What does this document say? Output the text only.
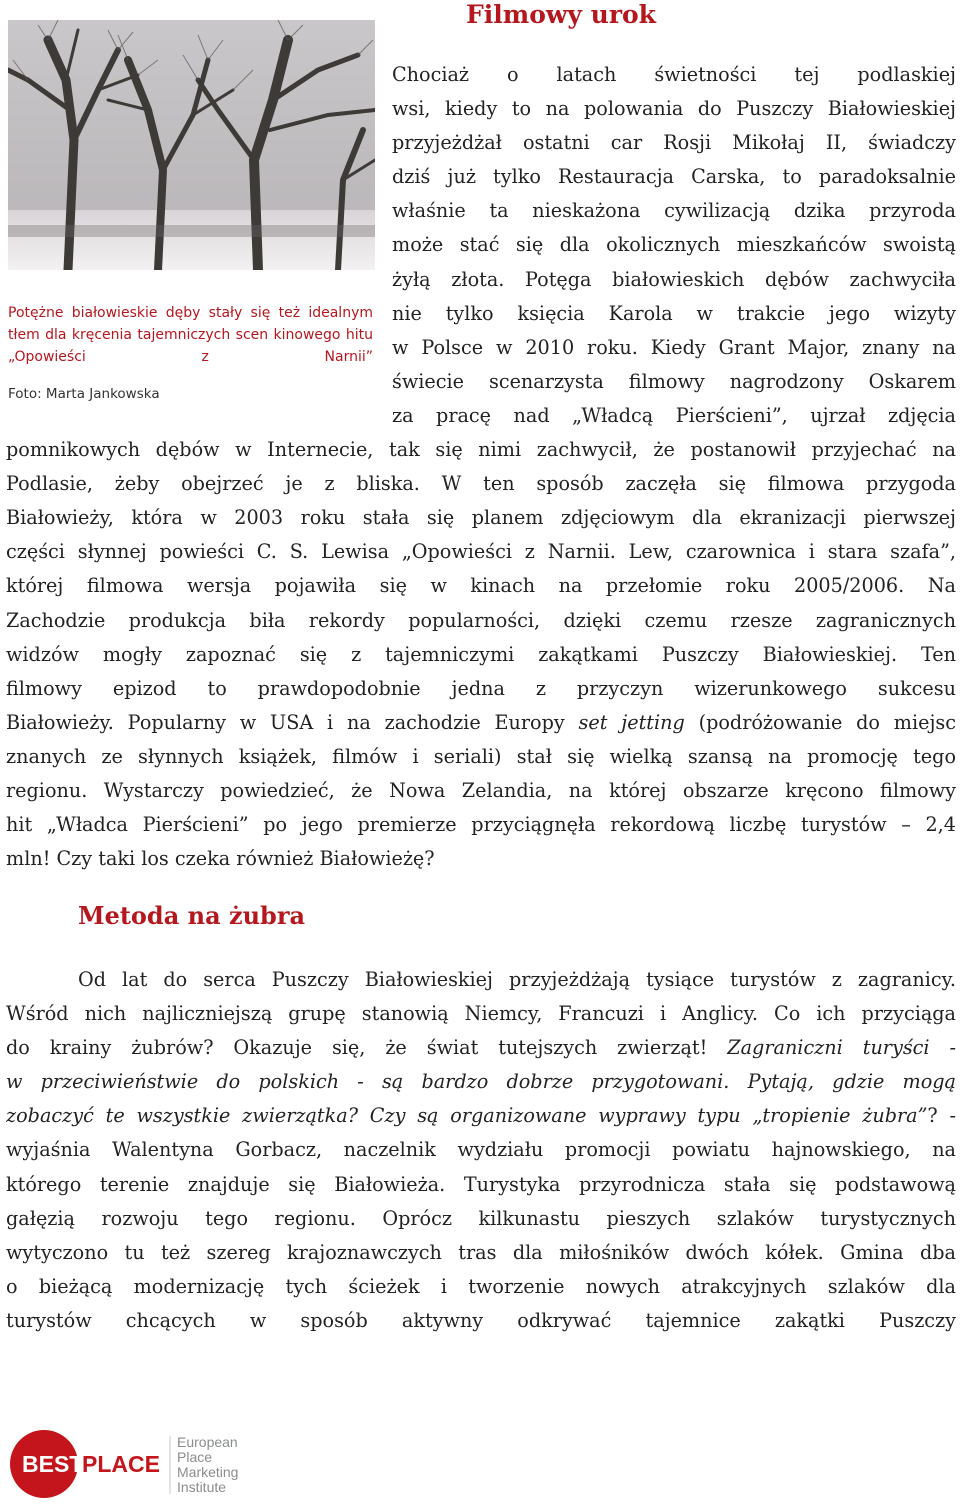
Filmowy urok
Potężne białowieskie dęby stały się też idealnym tłem dla kręcenia tajemniczych scen kinowego hitu „Opowieści z Narnii”
Foto: Marta Jankowska
Chociaż o latach świetności tej podlaskiej
wsi, kiedy to na polowania do Puszczy Białowieskiej
przyjeżdżał ostatni car Rosji Mikołaj II, świadczy
dziś już tylko Restauracja Carska, to paradoksalnie
właśnie ta nieskażona cywilizacją dzika przyroda
może stać się dla okolicznych mieszkańców swoistą
żyłą złota. Potęga białowieskich dębów zachwyciła
nie tylko księcia Karola w trakcie jego wizyty
w Polsce w 2010 roku. Kiedy Grant Major, znany na
świecie scenarzysta filmowy nagrodzony Oskarem
za pracę nad „Władcą Pierścieni”, ujrzał zdjęcia
pomnikowych dębów w Internecie, tak się nimi zachwycił, że postanowił przyjechać na
Podlasie, żeby obejrzeć je z bliska. W ten sposób zaczęła się filmowa przygoda
Białowieży, która w 2003 roku stała się planem zdjęciowym dla ekranizacji pierwszej
części słynnej powieści C. S. Lewisa „Opowieści z Narnii. Lew, czarownica i stara szafa”,
której filmowa wersja pojawiła się w kinach na przełomie roku 2005/2006. Na
Zachodzie produkcja biła rekordy popularności, dzięki czemu rzesze zagranicznych
widzów mogły zapoznać się z tajemniczymi zakątkami Puszczy Białowieskiej. Ten
filmowy epizod to prawdopodobnie jedna z przyczyn wizerunkowego sukcesu
Białowieży. Popularny w USA i na zachodzie Europy set jetting (podróżowanie do miejsc
znanych ze słynnych książek, filmów i seriali) stał się wielką szansą na promocję tego
regionu. Wystarczy powiedzieć, że Nowa Zelandia, na której obszarze kręcono filmowy
hit „Władca Pierścieni” po jego premierze przyciągnęła rekordową liczbę turystów – 2,4
mln! Czy taki los czeka również Białowieżę?
Metoda na żubra
Od lat do serca Puszczy Białowieskiej przyjeżdżają tysiące turystów z zagranicy.
Wśród nich najliczniejszą grupę stanowią Niemcy, Francuzi i Anglicy. Co ich przyciąga
do krainy żubrów? Okazuje się, że świat tutejszych zwierząt! Zagraniczni turyści -
w przeciwieństwie do polskich - są bardzo dobrze przygotowani. Pytają, gdzie mogą
zobaczyć te wszystkie zwierzątka? Czy są organizowane wyprawy typu „tropienie żubra”? -
wyjaśnia Walentyna Gorbacz, naczelnik wydziału promocji powiatu hajnowskiego, na
którego terenie znajduje się Białowieża. Turystyka przyrodnicza stała się podstawową
gałęzią rozwoju tego regionu. Oprócz kilkunastu pieszych szlaków turystycznych
wytyczono tu też szereg krajoznawczych tras dla miłośników dwóch kółek. Gmina dba
o bieżącą modernizację tych ścieżek i tworzenie nowych atrakcyjnych szlaków dla
turystów chcących w sposób aktywny odkrywać tajemnice zakątki Puszczy
BEST
PLACE
European
Place
Marketing
Institute
